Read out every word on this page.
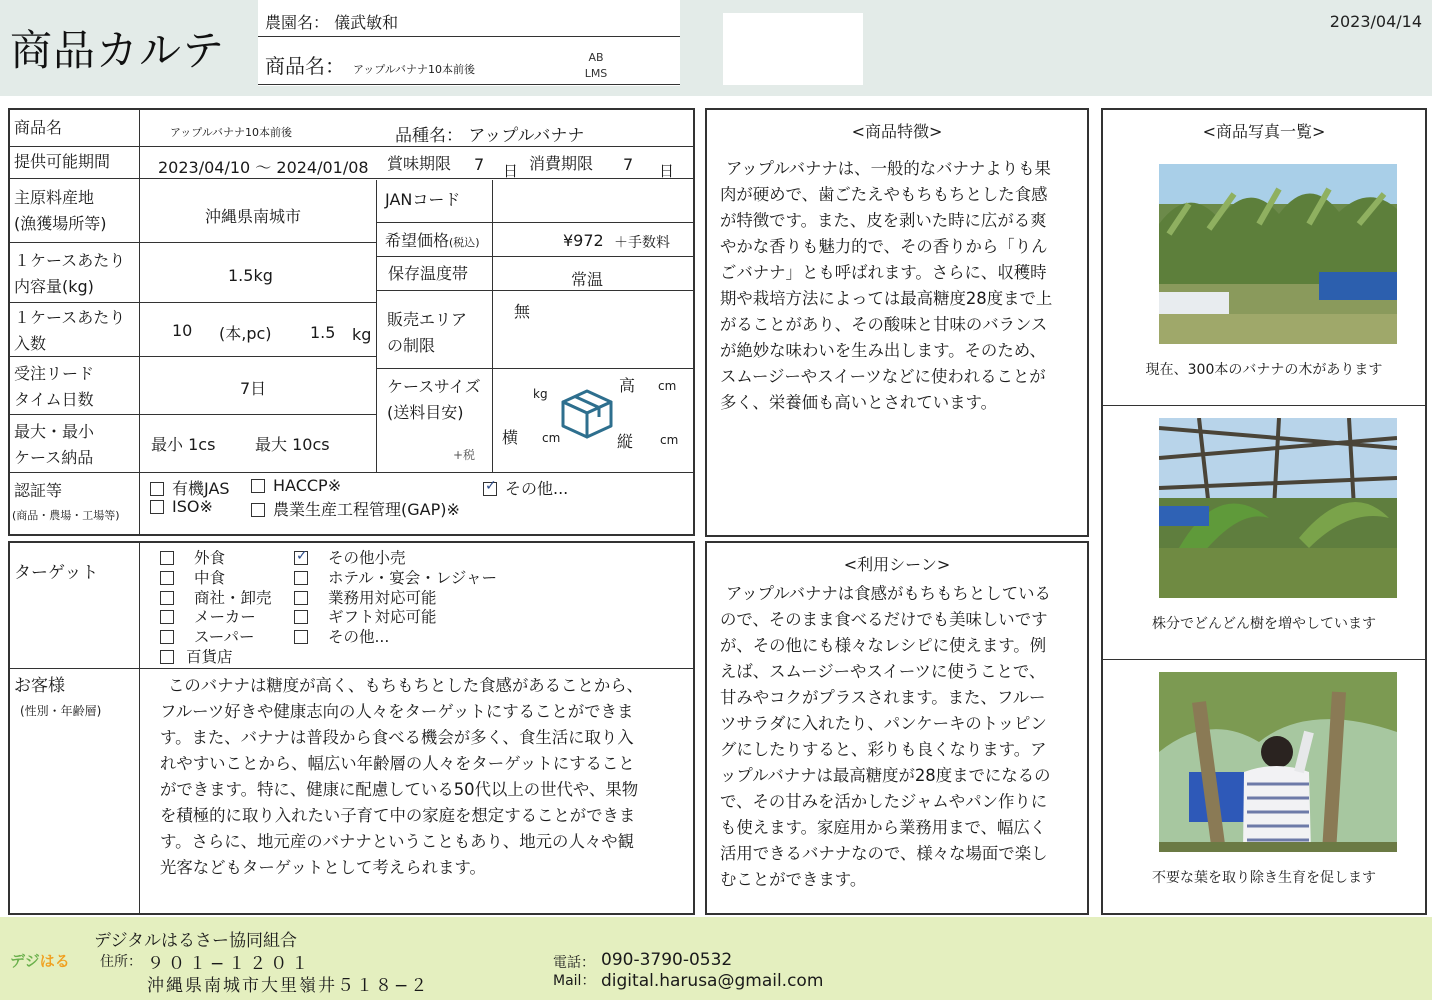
商品カルテ
農園名： 儀武敏和
商品名： アップルバナナ10本前後
AB
LMS
2023/04/14
商品名	アップルバナナ10本前後	品種名： アップルバナナ
提供可能期間	2023/04/10 〜 2024/01/08 賞味期限 7 日 消費期限 7 日
主原料産地
(漁獲場所等)	沖縄県南城市
JANコード
希望価格(税込)	¥972 ＋手数料
保存温度帯	常温
１ケースあたり
内容量(kg)
1.5kg
販売エリア
の制限
無
１ケースあたり
入数
10 (本,pc) 1.5 kg
受注リード
タイム日数
7日	ケースサイズ
(送料目安)
+税
kg	高 cm
横 cm	縦 cm
最大・最小
ケース納品
最小 1cs 最大 10cs
認証等
(商品・農場・工場等)
有機JAS	HACCP※
✓	その他...
ISO※	農業生産工程管理(GAP)※
ターゲット
外食
中食
商社・卸売
メーカー
スーパー
百貨店
✓その他小売
ホテル・宴会・レジャー
業務用対応可能
ギフト対応可能
その他...
お客様
(性別・年齢層)
このバナナは糖度が高く、もちもちとした食感があることから、
フルーツ好きや健康志向の人々をターゲットにすることができま
す。また、バナナは普段から食べる機会が多く、食生活に取り入
れやすいことから、幅広い年齢層の人々をターゲットにすること
ができます。特に、健康に配慮している50代以上の世代や、果物
を積極的に取り入れたい子育て中の家庭を想定することができま
す。さらに、地元産のバナナということもあり、地元の人々や観
光客などもターゲットとして考えられます。
<商品特徴>
アップルバナナは、一般的なバナナよりも果
肉が硬めで、歯ごたえやもちもちとした食感
が特徴です。また、皮を剥いた時に広がる爽
やかな香りも魅力的で、その香りから「りん
ごバナナ」とも呼ばれます。さらに、収穫時
期や栽培方法によっては最高糖度28度まで上
がることがあり、その酸味と甘味のバランス
が絶妙な味わいを生み出します。そのため、
スムージーやスイーツなどに使われることが
多く、栄養価も高いとされています。
<利用シーン>
アップルバナナは食感がもちもちとしている
ので、そのまま食べるだけでも美味しいです
が、その他にも様々なレシピに使えます。例
えば、スムージーやスイーツに使うことで、
甘みやコクがプラスされます。また、フルー
ツサラダに入れたり、パンケーキのトッピン
グにしたりすると、彩りも良くなります。ア
ップルバナナは最高糖度が28度までになるの
で、その甘みを活かしたジャムやパン作りに
も使えます。家庭用から業務用まで、幅広く
活用できるバナナなので、様々な場面で楽し
むことができます。
<商品写真一覧>
現在、300本のバナナの木があります
株分でどんどん樹を増やしています
不要な葉を取り除き生育を促します
デジはる
デジタルはるさー協同組合
住所： ９０１−１２０１
沖縄県南城市大里嶺井５１８−２
電話： 090-3790-0532
Mail： digital.harusa@gmail.com
